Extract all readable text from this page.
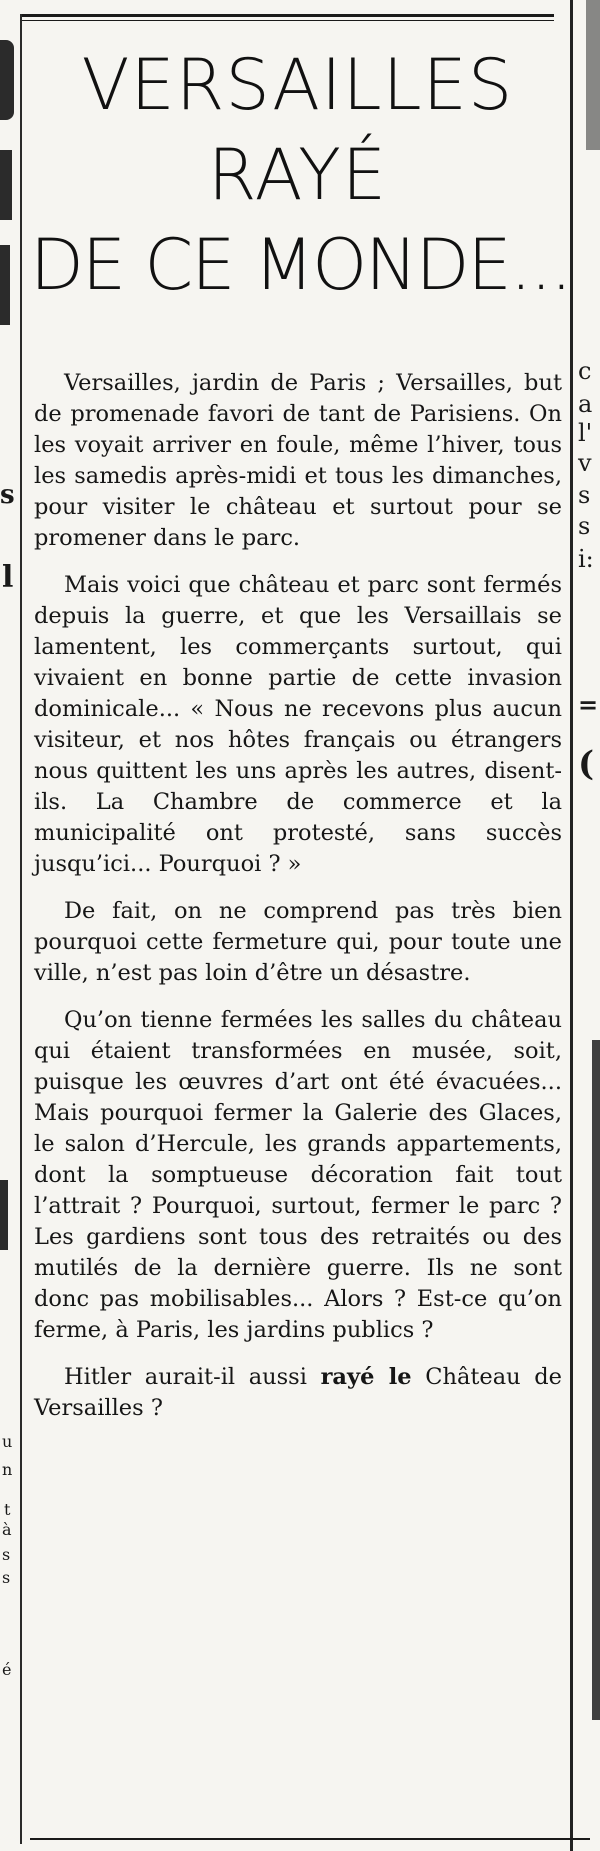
s
l
u
n
t
à
s
s
é
c
a
l'
v
s
s
i:
=
(
VERSAILLES
RAYÉ
DE CE MONDE...

Versailles, jardin de Paris ; Versailles, but de promenade favori de tant de Parisiens. On les voyait arriver en foule, même l’hiver, tous les samedis après-midi et tous les dimanches, pour visiter le château et surtout pour se promener dans le parc.

Mais voici que château et parc sont fermés depuis la guerre, et que les Versaillais se lamentent, les commerçants surtout, qui vivaient en bonne partie de cette invasion dominicale... « Nous ne recevons plus aucun visiteur, et nos hôtes français ou étrangers nous quittent les uns après les autres, disent-ils. La Chambre de commerce et la municipalité ont protesté, sans succès jusqu’ici... Pourquoi ? »

De fait, on ne comprend pas très bien pourquoi cette fermeture qui, pour toute une ville, n’est pas loin d’être un désastre.

Qu’on tienne fermées les salles du château qui étaient transformées en musée, soit, puisque les œuvres d’art ont été évacuées... Mais pourquoi fermer la Galerie des Glaces, le salon d’Hercule, les grands appartements, dont la somptueuse décoration fait tout l’attrait ? Pourquoi, surtout, fermer le parc ? Les gardiens sont tous des retraités ou des mutilés de la dernière guerre. Ils ne sont donc pas mobilisables... Alors ? Est-ce qu’on ferme, à Paris, les jardins publics ?

Hitler aurait-il aussi rayé le Château de Versailles ?
